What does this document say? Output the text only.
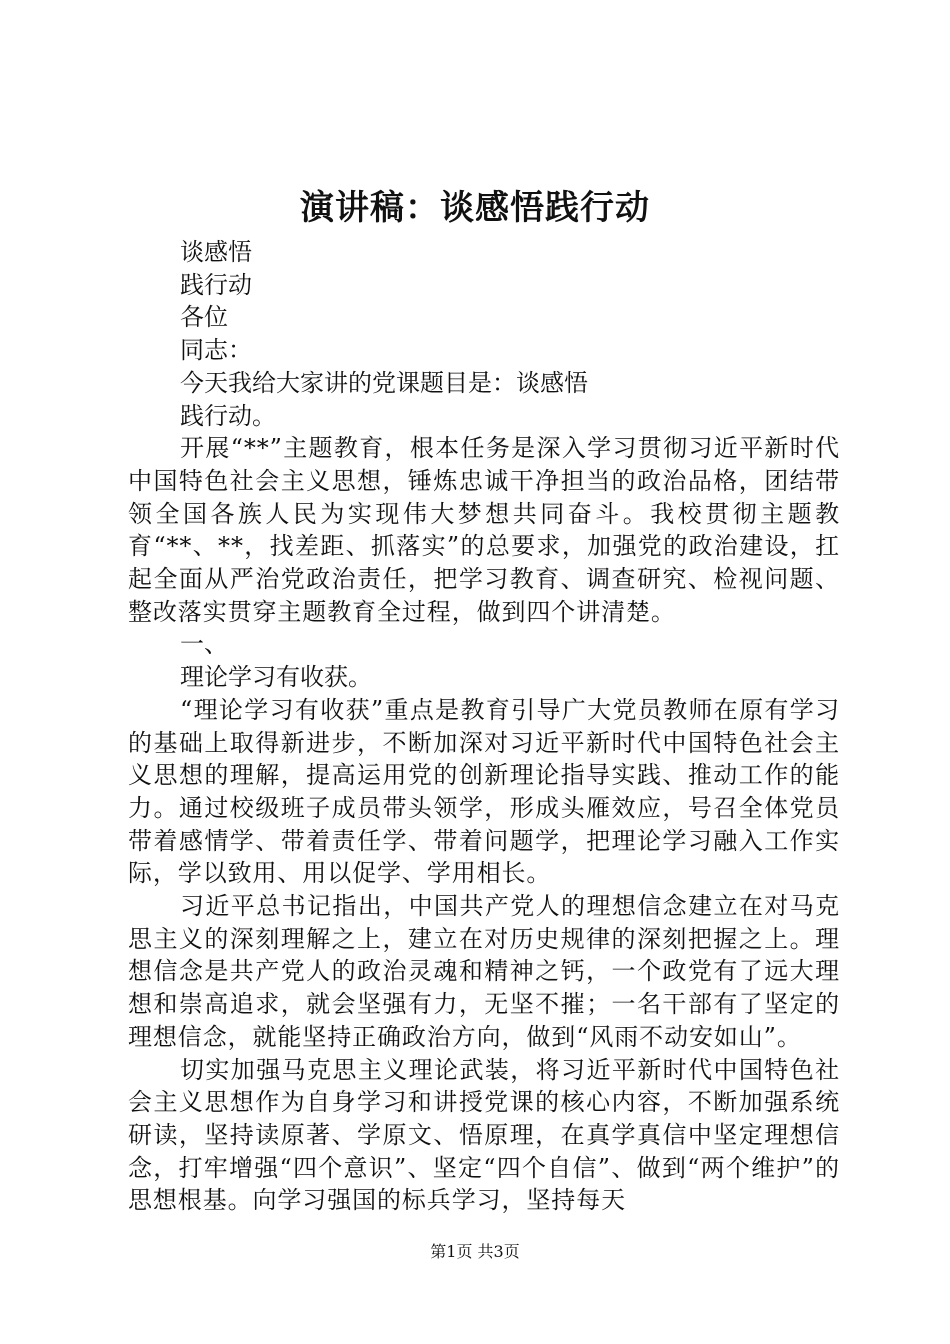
演讲稿：谈感悟践行动
谈感悟
践行动
各位
同志：
今天我给大家讲的党课题目是：谈感悟
践行动。

开展“**”主题教育，根本任务是深入学习贯彻习近平新时代中国特色社会主义思想，锤炼忠诚干净担当的政治品格，团结带领全国各族人民为实现伟大梦想共同奋斗。我校贯彻主题教育“**、**，找差距、抓落实”的总要求，加强党的政治建设，扛起全面从严治党政治责任，把学习教育、调查研究、检视问题、整改落实贯穿主题教育全过程，做到四个讲清楚。

一、
理论学习有收获。

“理论学习有收获”重点是教育引导广大党员教师在原有学习的基础上取得新进步，不断加深对习近平新时代中国特色社会主义思想的理解，提高运用党的创新理论指导实践、推动工作的能力。通过校级班子成员带头领学，形成头雁效应，号召全体党员带着感情学、带着责任学、带着问题学，把理论学习融入工作实际，学以致用、用以促学、学用相长。

习近平总书记指出，中国共产党人的理想信念建立在对马克思主义的深刻理解之上，建立在对历史规律的深刻把握之上。理想信念是共产党人的政治灵魂和精神之钙，一个政党有了远大理想和崇高追求，就会坚强有力，无坚不摧；一名干部有了坚定的理想信念，就能坚持正确政治方向，做到“风雨不动安如山”。

切实加强马克思主义理论武装，将习近平新时代中国特色社会主义思想作为自身学习和讲授党课的核心内容，不断加强系统研读，坚持读原著、学原文、悟原理，在真学真信中坚定理想信念，打牢增强“四个意识”、坚定“四个自信”、做到“两个维护”的思想根基。向学习强国的标兵学习，坚持每天

第1页 共3页
